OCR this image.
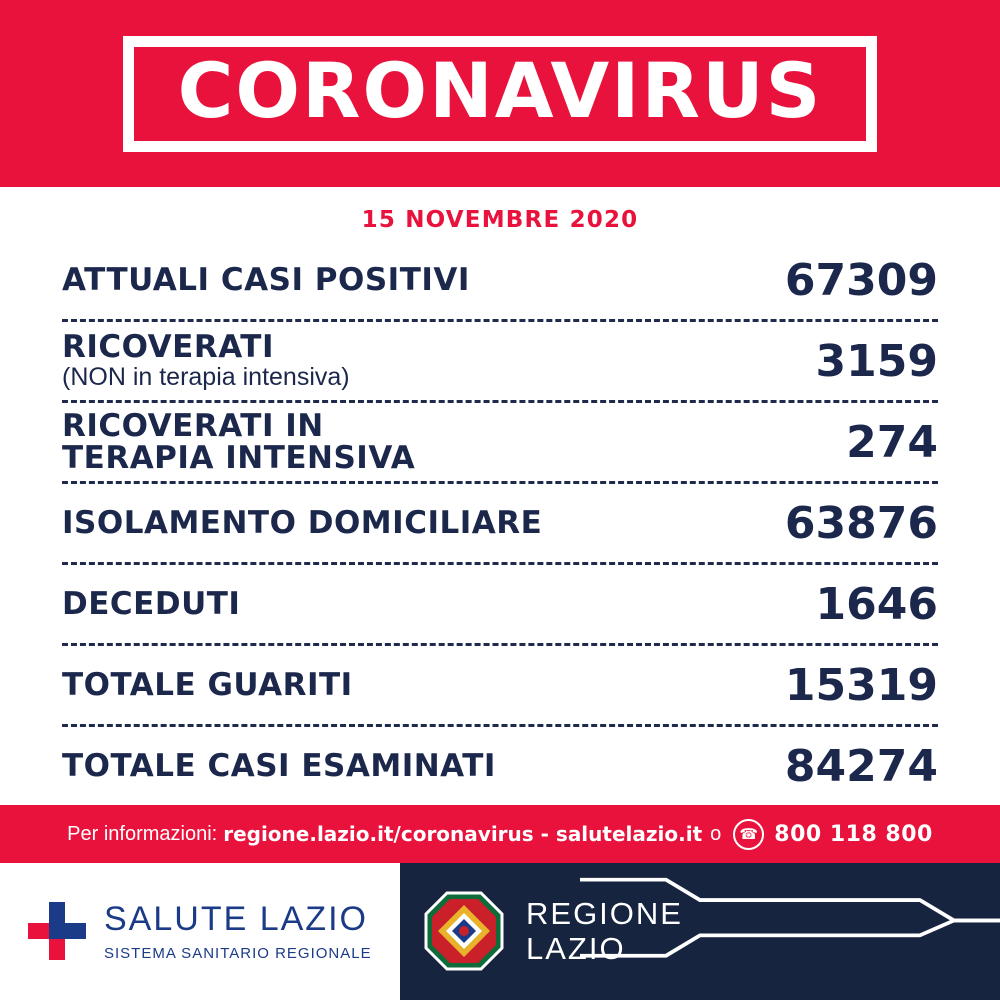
CORONAVIRUS
15 NOVEMBRE 2020
ATTUALI CASI POSITIVI	67309
RICOVERATI
(NON in terapia intensiva)	3159
RICOVERATI IN TERAPIA INTENSIVA	274
ISOLAMENTO DOMICILIARE	63876
DECEDUTI	1646
TOTALE GUARITI	15319
TOTALE CASI ESAMINATI	84274
Per informazioni: regione.lazio.it/coronavirus - salutelazio.it o	☎ 800 118 800
SALUTE LAZIO
SISTEMA SANITARIO REGIONALE
REGIONE
LAZIO
